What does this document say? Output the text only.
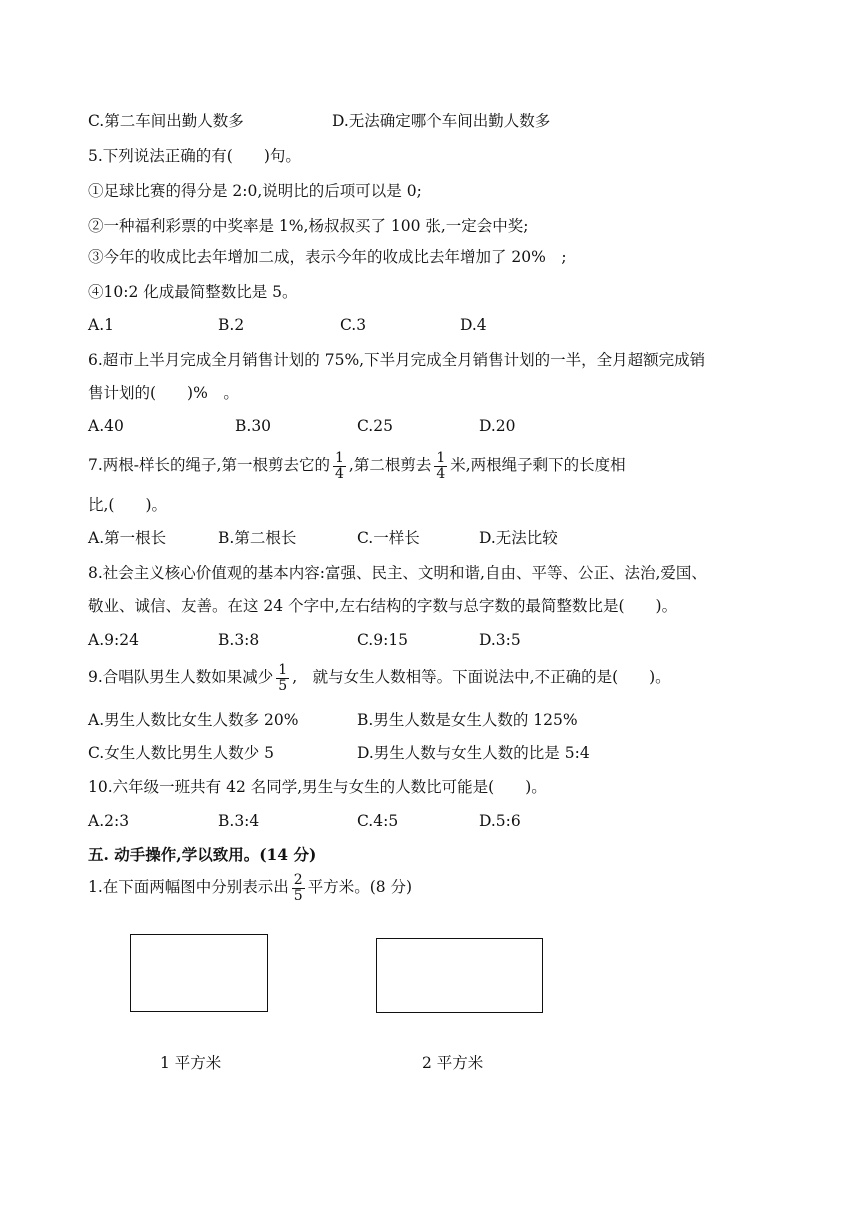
C.第二车间出勤人数多	D.无法确定哪个车间出勤人数多
5.下列说法正确的有(　　)句。
①足球比赛的得分是 2:0,说明比的后项可以是 0;
②一种福利彩票的中奖率是 1%,杨叔叔买了 100 张,一定会中奖;
③今年的收成比去年增加二成，表示今年的收成比去年增加了 20%　;
④10:2 化成最简整数比是 5。
A.1	B.2	C.3	D.4
6.超市上半月完成全月销售计划的 75%,下半月完成全月销售计划的一半，全月超额完成销
售计划的(　　)%　。
A.40	B.30	C.25	D.20
7.两根-样长的绳子,第一根剪去它的 $\frac{1}{4}$ ,第二根剪去 $\frac{1}{4}$ 米,两根绳子剩下的长度相
比,(　　)。
A.第一根长	B.第二根长	C.一样长	D.无法比较
8.社会主义核心价值观的基本内容:富强、民主、文明和谐,自由、平等、公正、法治,爱国、
敬业、诚信、友善。在这 24 个字中,左右结构的字数与总字数的最简整数比是(　　)。
A.9:24	B.3:8	C.9:15	D.3:5
9.合唱队男生人数如果减少 $\frac{1}{5}$ ,　就与女生人数相等。下面说法中,不正确的是(　　)。
A.男生人数比女生人数多 20%	B.男生人数是女生人数的 125%
C.女生人数比男生人数少 5	D.男生人数与女生人数的比是 5:4
10.六年级一班共有 42 名同学,男生与女生的人数比可能是(　　)。
A.2:3	B.3:4	C.4:5	D.5:6
五. 动手操作,学以致用。(14 分)
1.在下面两幅图中分别表示出 $\frac{2}{5}$ 平方米。(8 分)
1 平方米	2 平方米
